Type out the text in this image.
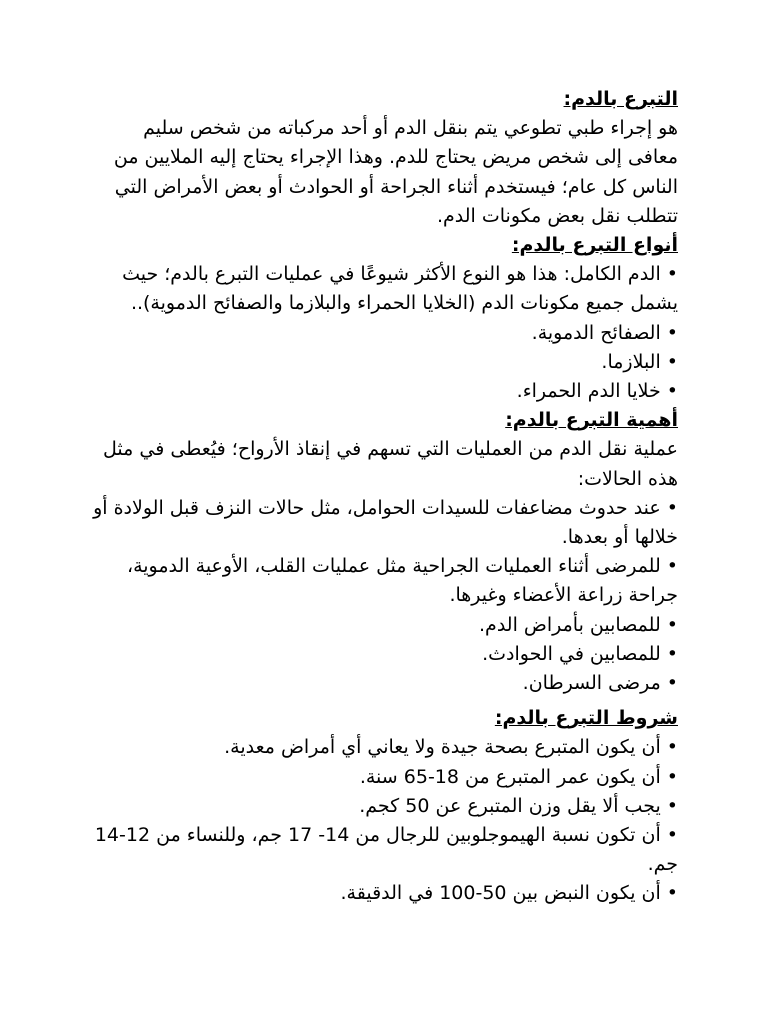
التبرع بالدم:

هو إجراء طبي تطوعي يتم بنقل الدم أو أحد مركباته من شخص سليم معافى إلى شخص مريض يحتاج للدم. وهذا الإجراء يحتاج إليه الملايين من الناس كل عام؛ فيستخدم أثناء الجراحة أو الحوادث أو بعض الأمراض التي تتطلب نقل بعض مكونات الدم.

أنواع التبرع بالدم:

• الدم الكامل: هذا هو النوع الأكثر شيوعًا في عمليات التبرع بالدم؛ حيث يشمل جميع مكونات الدم (الخلايا الحمراء والبلازما والصفائح الدموية)..

• الصفائح الدموية.

• البلازما.

• خلايا الدم الحمراء.

أهمية التبرع بالدم:

عملية نقل الدم من العمليات التي تسهم في إنقاذ الأرواح؛ فيُعطى في مثل هذه الحالات:

• عند حدوث مضاعفات للسيدات الحوامل، مثل حالات النزف قبل الولادة أو خلالها أو بعدها.

• للمرضى أثناء العمليات الجراحية مثل عمليات القلب، الأوعية الدموية، جراحة زراعة الأعضاء وغيرها.

• للمصابين بأمراض الدم.

• للمصابين في الحوادث.

• مرضى السرطان.

شروط التبرع بالدم:

• أن يكون المتبرع بصحة جيدة ولا يعاني أي أمراض معدية.

• أن يكون عمر المتبرع من 18-65 سنة.

• يجب ألا يقل وزن المتبرع عن 50 كجم.

• أن تكون نسبة الهيموجلوبين للرجال من 14- 17 جم، وللنساء من 12-14 جم.

• أن يكون النبض بين 50-100 في الدقيقة.
